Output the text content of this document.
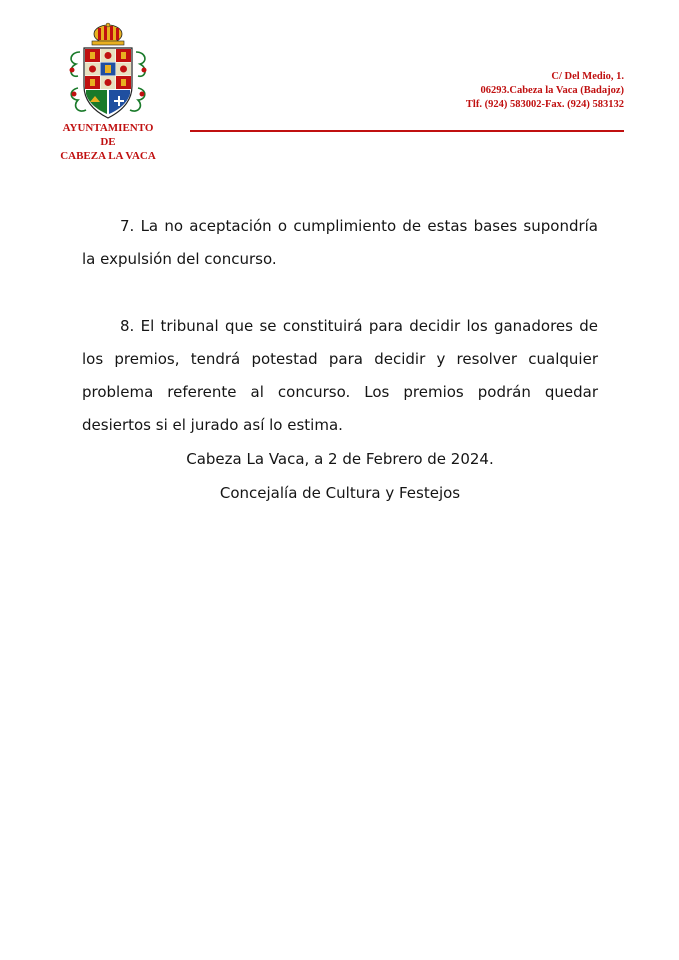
AYUNTAMIENTO
DE
CABEZA LA VACA
C/ Del Medio, 1.
06293.Cabeza la Vaca (Badajoz)
Tlf. (924) 583002-Fax. (924) 583132

7. La no aceptación o cumplimiento de estas bases supondría la expulsión del concurso.

8. El tribunal que se constituirá para decidir los ganadores de los premios, tendrá potestad para decidir y resolver cualquier problema referente al concurso. Los premios podrán quedar desiertos si el jurado así lo estima.

Cabeza La Vaca, a 2 de Febrero de 2024.

Concejalía de Cultura y Festejos
